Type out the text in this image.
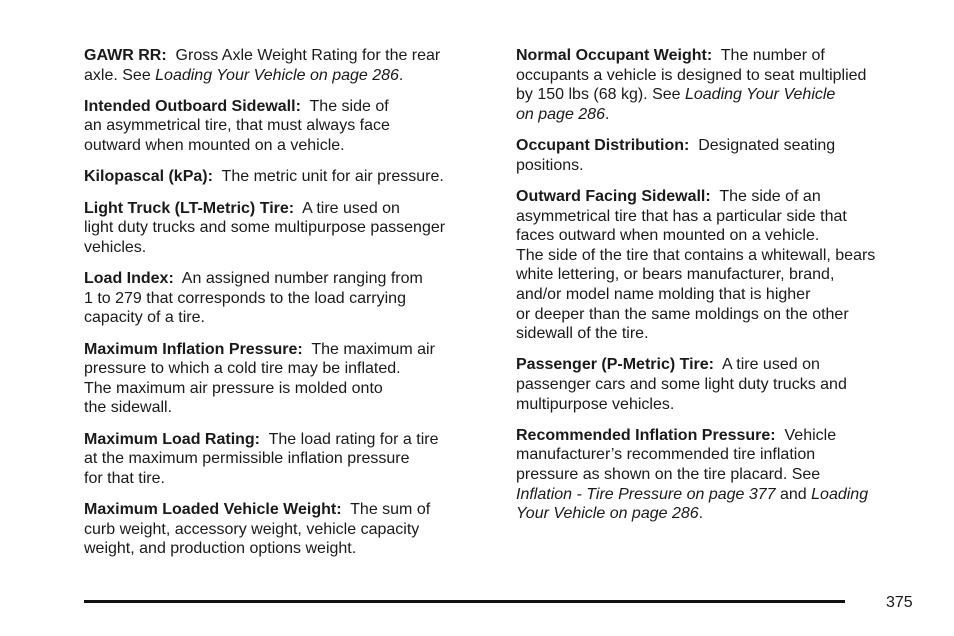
GAWR RR: Gross Axle Weight Rating for the rear
axle. See Loading Your Vehicle on page 286.
Intended Outboard Sidewall: The side of
an asymmetrical tire, that must always face
outward when mounted on a vehicle.
Kilopascal (kPa): The metric unit for air pressure.
Light Truck (LT-Metric) Tire: A tire used on
light duty trucks and some multipurpose passenger
vehicles.
Load Index: An assigned number ranging from
1 to 279 that corresponds to the load carrying
capacity of a tire.
Maximum Inflation Pressure: The maximum air
pressure to which a cold tire may be inflated.
The maximum air pressure is molded onto
the sidewall.
Maximum Load Rating: The load rating for a tire
at the maximum permissible inflation pressure
for that tire.
Maximum Loaded Vehicle Weight: The sum of
curb weight, accessory weight, vehicle capacity
weight, and production options weight.
Normal Occupant Weight: The number of
occupants a vehicle is designed to seat multiplied
by 150 lbs (68 kg). See Loading Your Vehicle
on page 286.
Occupant Distribution: Designated seating
positions.
Outward Facing Sidewall: The side of an
asymmetrical tire that has a particular side that
faces outward when mounted on a vehicle.
The side of the tire that contains a whitewall, bears
white lettering, or bears manufacturer, brand,
and/or model name molding that is higher
or deeper than the same moldings on the other
sidewall of the tire.
Passenger (P-Metric) Tire: A tire used on
passenger cars and some light duty trucks and
multipurpose vehicles.
Recommended Inflation Pressure: Vehicle
manufacturer’s recommended tire inflation
pressure as shown on the tire placard. See
Inflation - Tire Pressure on page 377 and Loading
Your Vehicle on page 286.
375
